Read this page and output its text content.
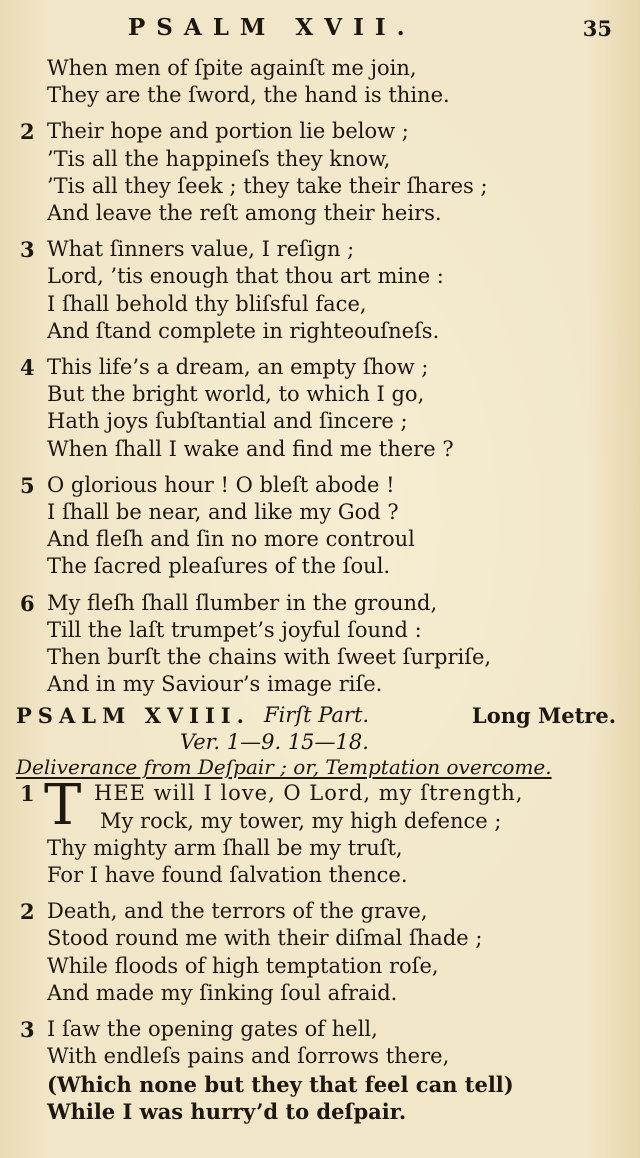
PSALM XVII.	35
When men of ſpite againſt me join,
They are the ſword, the hand is thine.
2 Their hope and portion lie below ;
’Tis all the happineſs they know,
’Tis all they ſeek ; they take their ſhares ;
And leave the reſt among their heirs.
3 What ſinners value, I reſign ;
Lord, ’tis enough that thou art mine :
I ſhall behold thy bliſsful face,
And ſtand complete in righteouſneſs.
4 This life’s a dream, an empty ſhow ;
But the bright world, to which I go,
Hath joys ſubſtantial and ſincere ;
When ſhall I wake and find me there ?
5 O glorious hour ! O bleſt abode !
I ſhall be near, and like my God ?
And fleſh and ſin no more controul
The ſacred pleaſures of the ſoul.
6 My fleſh ſhall ſlumber in the ground,
Till the laſt trumpet’s joyful ſound :
Then burſt the chains with ſweet ſurpriſe,
And in my Saviour’s image riſe.
PSALM XVIII. Firſt Part.	Long Metre.
Ver. 1—9. 15—18.
Deliverance from Deſpair ; or, Temptation overcome.
1 T HEE will I love, O Lord, my ſtrength,
My rock, my tower, my high defence ;
Thy mighty arm ſhall be my truſt,
For I have found ſalvation thence.
2 Death, and the terrors of the grave,
Stood round me with their diſmal ſhade ;
While floods of high temptation roſe,
And made my ſinking ſoul afraid.
3 I ſaw the opening gates of hell,
With endleſs pains and ſorrows there,
(Which none but they that feel can tell)
While I was hurry’d to deſpair.
